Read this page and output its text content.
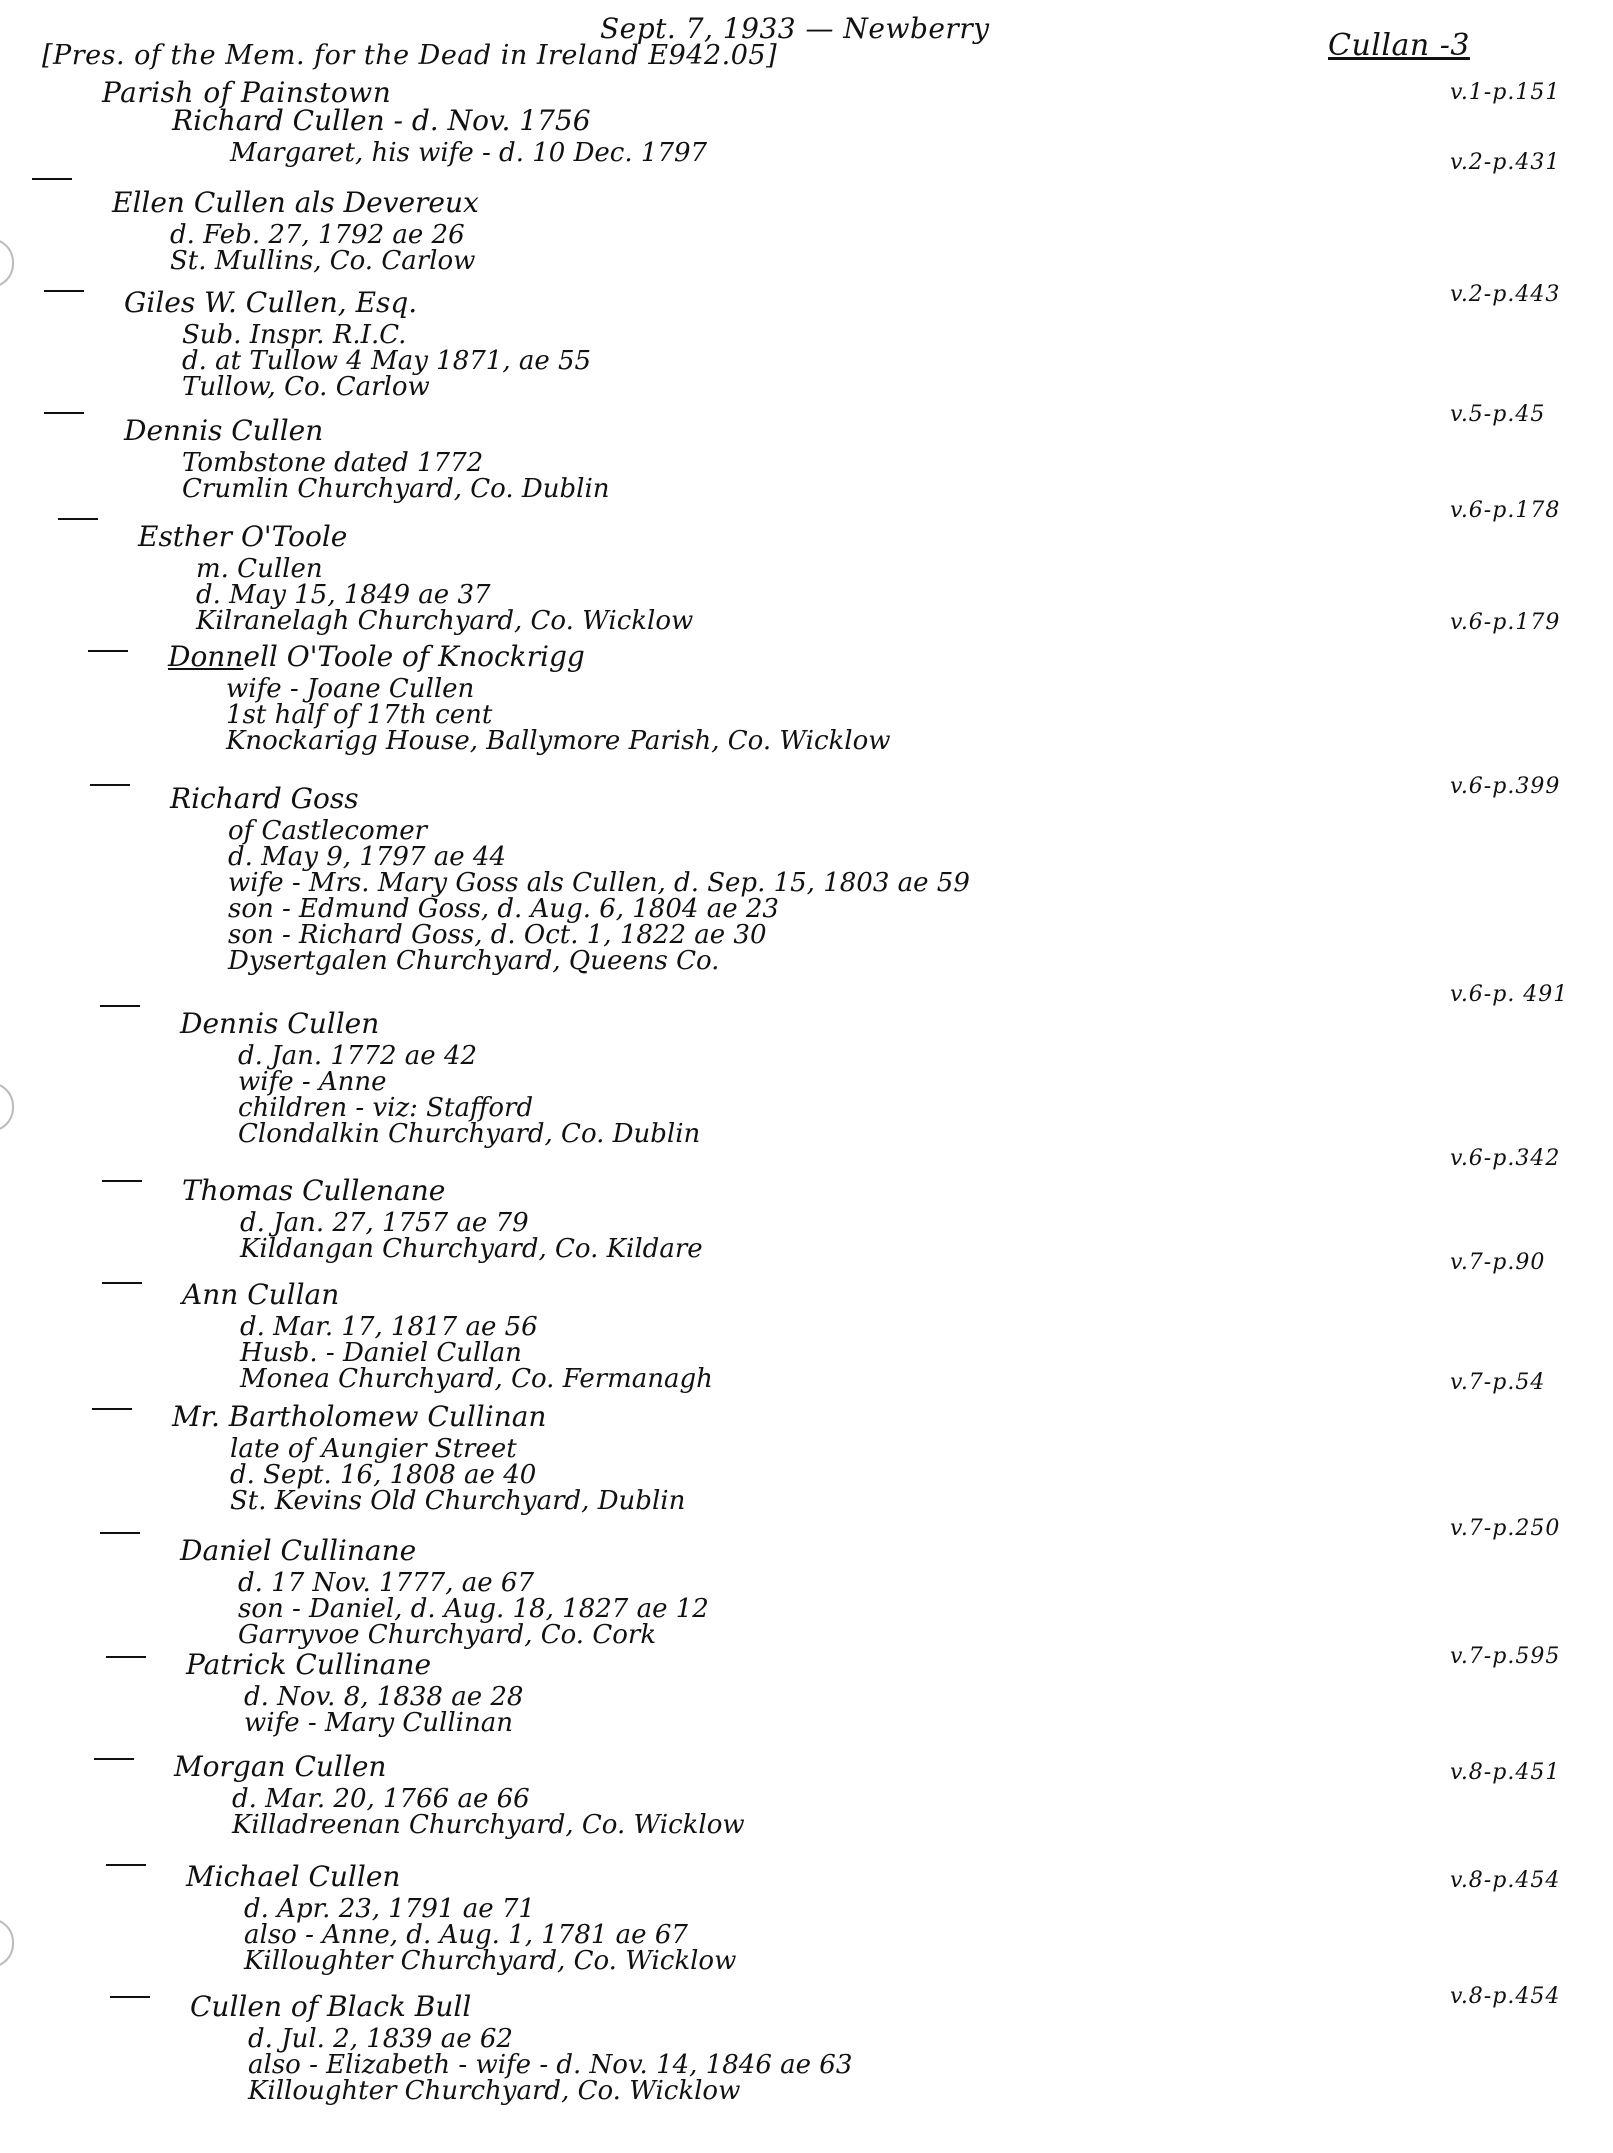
Sept. 7, 1933 — Newberry	Cullan -3
[Pres. of the Mem. for the Dead in Ireland E942.05]
Parish of Painstown
Richard Cullen - d. Nov. 1756
Margaret, his wife - d. 10 Dec. 1797
v.1-p.151
Ellen Cullen als Devereux
d. Feb. 27, 1792 ae 26
St. Mullins, Co. Carlow
v.2-p.431
Giles W. Cullen, Esq.
Sub. Inspr. R.I.C.
d. at Tullow 4 May 1871, ae 55
Tullow, Co. Carlow
v.2-p.443
Dennis Cullen
Tombstone dated 1772
Crumlin Churchyard, Co. Dublin
v.5-p.45
Esther O'Toole
m. Cullen
d. May 15, 1849 ae 37
Kilranelagh Churchyard, Co. Wicklow
v.6-p.178
Donnell O'Toole of Knockrigg
wife - Joane Cullen
1st half of 17th cent
Knockarigg House, Ballymore Parish, Co. Wicklow
v.6-p.179
Richard Goss
of Castlecomer
d. May 9, 1797 ae 44
wife - Mrs. Mary Goss als Cullen, d. Sep. 15, 1803 ae 59
son - Edmund Goss, d. Aug. 6, 1804 ae 23
son - Richard Goss, d. Oct. 1, 1822 ae 30
Dysertgalen Churchyard, Queens Co.
v.6-p.399
Dennis Cullen
d. Jan. 1772 ae 42
wife - Anne
children - viz: Stafford
Clondalkin Churchyard, Co. Dublin
v.6-p. 491
Thomas Cullenane
d. Jan. 27, 1757 ae 79
Kildangan Churchyard, Co. Kildare
v.6-p.342
Ann Cullan
d. Mar. 17, 1817 ae 56
Husb. - Daniel Cullan
Monea Churchyard, Co. Fermanagh
v.7-p.90
Mr. Bartholomew Cullinan
late of Aungier Street
d. Sept. 16, 1808 ae 40
St. Kevins Old Churchyard, Dublin
v.7-p.54
Daniel Cullinane
d. 17 Nov. 1777, ae 67
son - Daniel, d. Aug. 18, 1827 ae 12
Garryvoe Churchyard, Co. Cork
v.7-p.250
Patrick Cullinane
d. Nov. 8, 1838 ae 28
wife - Mary Cullinan
v.7-p.595
Morgan Cullen
d. Mar. 20, 1766 ae 66
Killadreenan Churchyard, Co. Wicklow
v.8-p.451
Michael Cullen
d. Apr. 23, 1791 ae 71
also - Anne, d. Aug. 1, 1781 ae 67
Killoughter Churchyard, Co. Wicklow
v.8-p.454
Cullen of Black Bull
d. Jul. 2, 1839 ae 62
also - Elizabeth - wife - d. Nov. 14, 1846 ae 63
Killoughter Churchyard, Co. Wicklow
v.8-p.454
